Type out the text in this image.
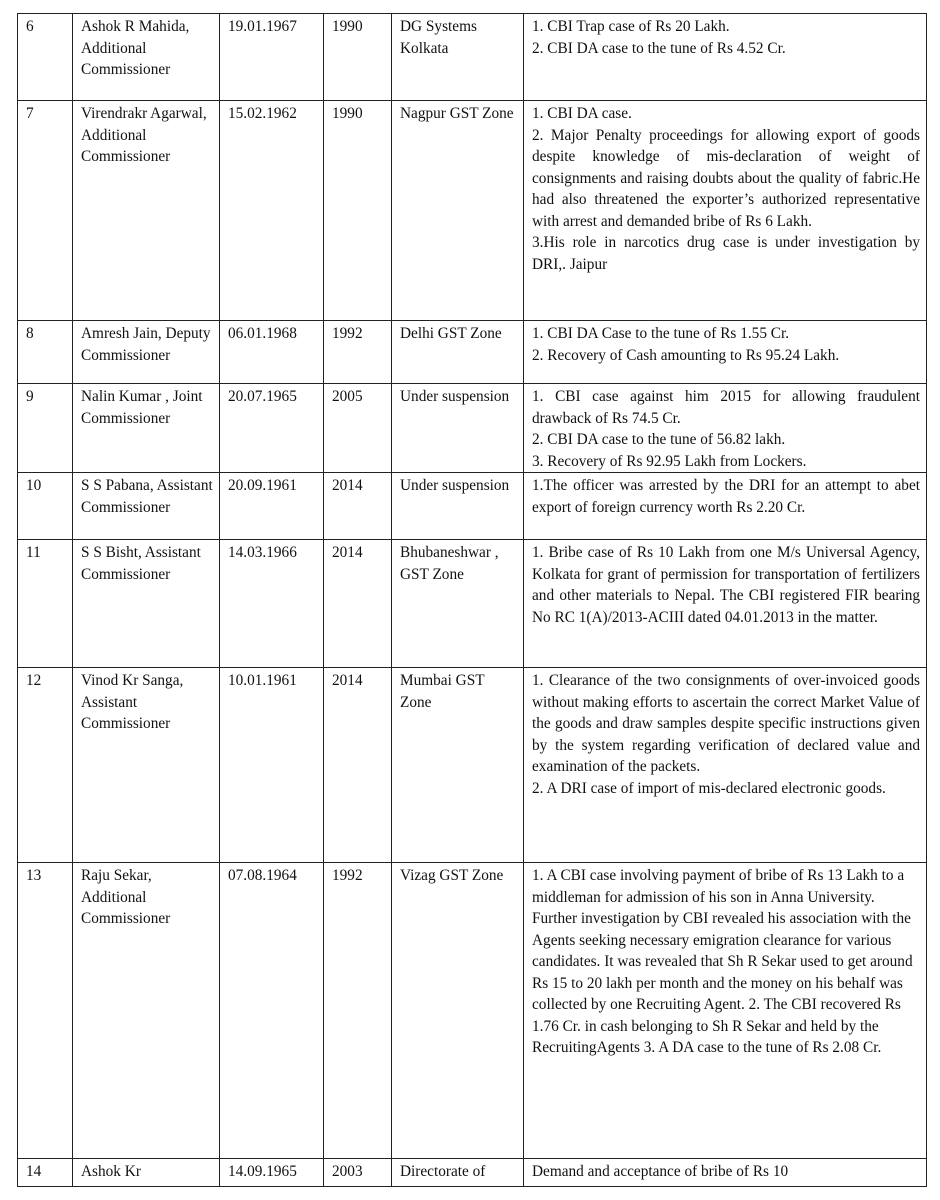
6	Ashok R Mahida, Additional Commissioner	19.01.1967	1990	DG Systems Kolkata	1. CBI Trap case of Rs 20 Lakh.
2. CBI DA case to the tune of Rs 4.52 Cr.

7	Virendrakr Agarwal, Additional Commissioner	15.02.1962	1990	Nagpur GST Zone	1. CBI DA case.
2. Major Penalty proceedings for allowing export of goods despite knowledge of mis-declaration of weight of consignments and raising doubts about the quality of fabric.He had also threatened the exporter’s authorized representative with arrest and demanded bribe of Rs 6 Lakh.
3.His role in narcotics drug case is under investigation by DRI,. Jaipur

8	Amresh Jain, Deputy Commissioner	06.01.1968	1992	Delhi GST Zone	1. CBI DA Case to the tune of Rs 1.55 Cr.
2. Recovery of Cash amounting to Rs 95.24 Lakh.

9	Nalin Kumar , Joint Commissioner	20.07.1965	2005	Under suspension	1. CBI case against him 2015 for allowing fraudulent drawback of Rs 74.5 Cr.
2. CBI DA case to the tune of 56.82 lakh.
3. Recovery of Rs 92.95 Lakh from Lockers.

10	S S Pabana, Assistant Commissioner	20.09.1961	2014	Under suspension	1.The officer was arrested by the DRI for an attempt to abet export of foreign currency worth Rs 2.20 Cr.

11	S S Bisht, Assistant Commissioner	14.03.1966	2014	Bhubaneshwar , GST Zone	1. Bribe case of Rs 10 Lakh from one M/s Universal Agency, Kolkata for grant of permission for transportation of fertilizers and other materials to Nepal. The CBI registered FIR bearing No RC 1(A)/2013-ACIII dated 04.01.2013 in the matter.

12	Vinod Kr Sanga, Assistant Commissioner	10.01.1961	2014	Mumbai GST Zone	1. Clearance of the two consignments of over-invoiced goods without making efforts to ascertain the correct Market Value of the goods and draw samples despite specific instructions given by the system regarding verification of declared value and examination of the packets.
2. A DRI case of import of mis-declared electronic goods.

13	Raju Sekar, Additional Commissioner	07.08.1964	1992	Vizag GST Zone	1. A CBI case involving payment of bribe of Rs 13 Lakh to a middleman for admission of his son in Anna University. Further investigation by CBI revealed his association with the Agents seeking necessary emigration clearance for various candidates. It was revealed that Sh R Sekar used to get around Rs 15 to 20 lakh per month and the money on his behalf was collected by one Recruiting Agent. 2. The CBI recovered Rs 1.76 Cr. in cash belonging to Sh R Sekar and held by the RecruitingAgents 3. A DA case to the tune of Rs 2.08 Cr.
14	Ashok Kr	14.09.1965	2003	Directorate of	Demand and acceptance of bribe of Rs 10
